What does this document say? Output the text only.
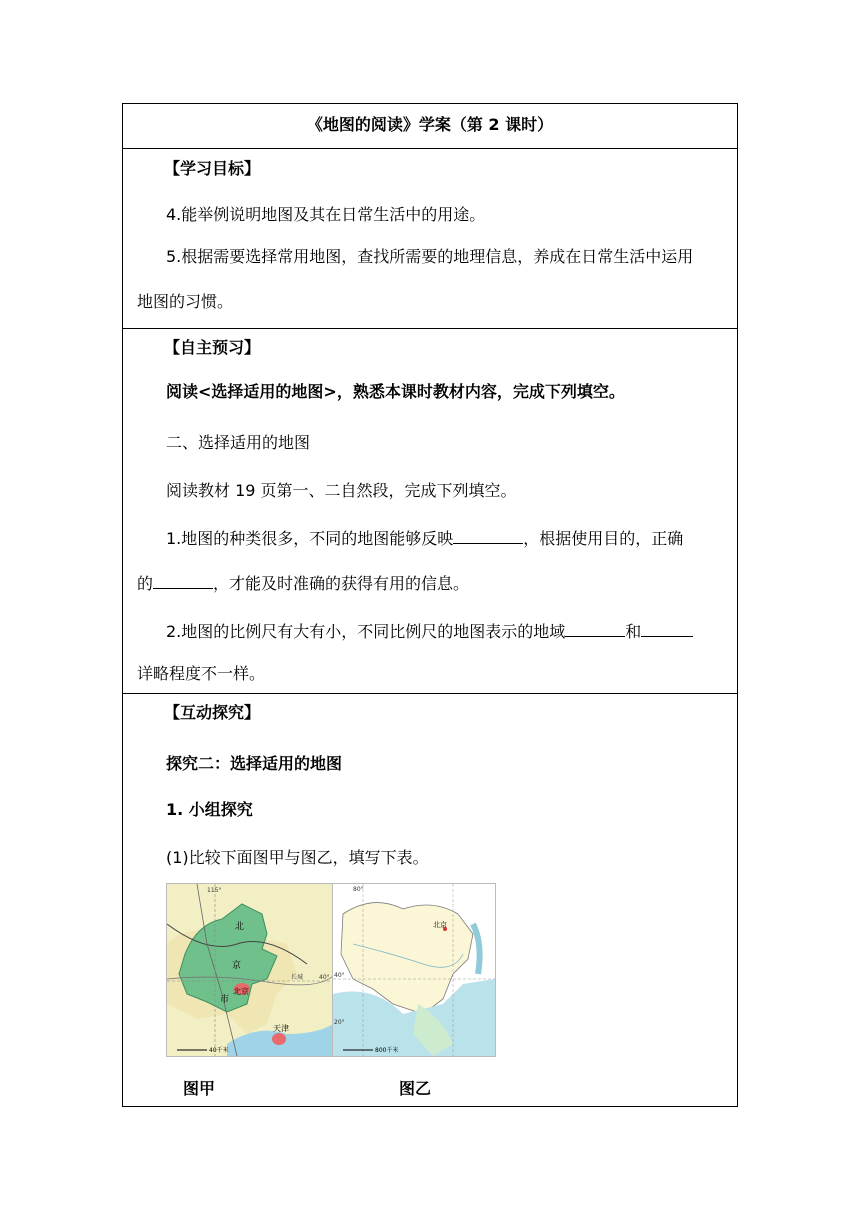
《地图的阅读》学案（第 2 课时）
【学习目标】
4.能举例说明地图及其在日常生活中的用途。
5.根据需要选择常用地图，查找所需要的地理信息，养成在日常生活中运用
地图的习惯。
【自主预习】
阅读<选择适用的地图>，熟悉本课时教材内容，完成下列填空。
二、选择适用的地图
阅读教材 19 页第一、二自然段，完成下列填空。
1.地图的种类很多，不同的地图能够反映	，根据使用目的，正确
的	，才能及时准确的获得有用的信息。
2.地图的比例尺有大有小，不同比例尺的地图表示的地域	和
详略程度不一样。
【互动探究】
探究二：选择适用的地图
1. 小组探究
(1)比较下面图甲与图乙，填写下表。
北
京
市
北京
天津
115°
40°
长城
40千米
北京
80°
40°
20°
800千米
图甲	图乙
